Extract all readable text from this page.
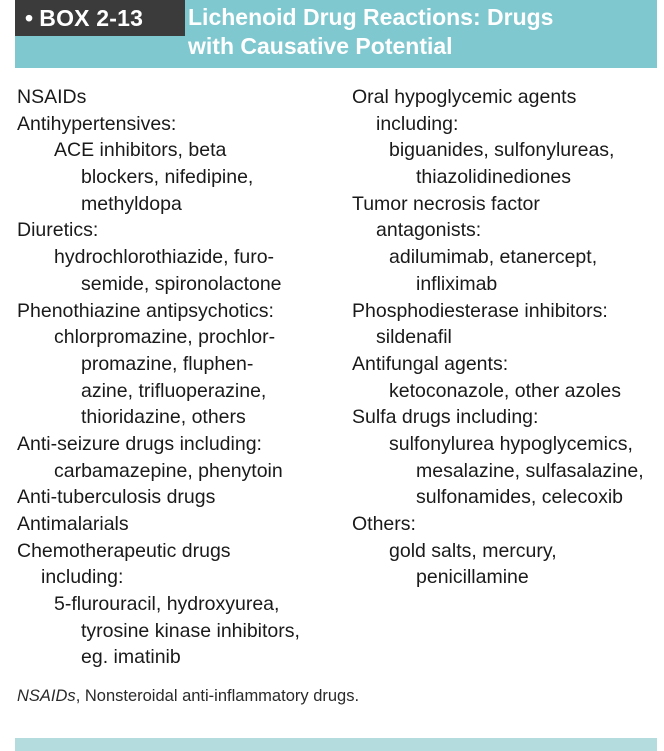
• BOX 2-13	Lichenoid Drug Reactions: Drugs
with Causative Potential
NSAIDs
Antihypertensives:
ACE inhibitors, beta
blockers, nifedipine,
methyldopa
Diuretics:
hydrochlorothiazide, furo-
semide, spironolactone
Phenothiazine antipsychotics:
chlorpromazine, prochlor-
promazine, fluphen-
azine, trifluoperazine,
thioridazine, others
Anti-seizure drugs including:
carbamazepine, phenytoin
Anti-tuberculosis drugs
Antimalarials
Chemotherapeutic drugs
including:
5-flurouracil, hydroxyurea,
tyrosine kinase inhibitors,
eg. imatinib
Oral hypoglycemic agents
including:
biguanides, sulfonylureas,
thiazolidinediones
Tumor necrosis factor
antagonists:
adilumimab, etanercept,
infliximab
Phosphodiesterase inhibitors:
sildenafil
Antifungal agents:
ketoconazole, other azoles
Sulfa drugs including:
sulfonylurea hypoglycemics,
mesalazine, sulfasalazine,
sulfonamides, celecoxib
Others:
gold salts, mercury,
penicillamine
NSAIDs, Nonsteroidal anti-inflammatory drugs.
